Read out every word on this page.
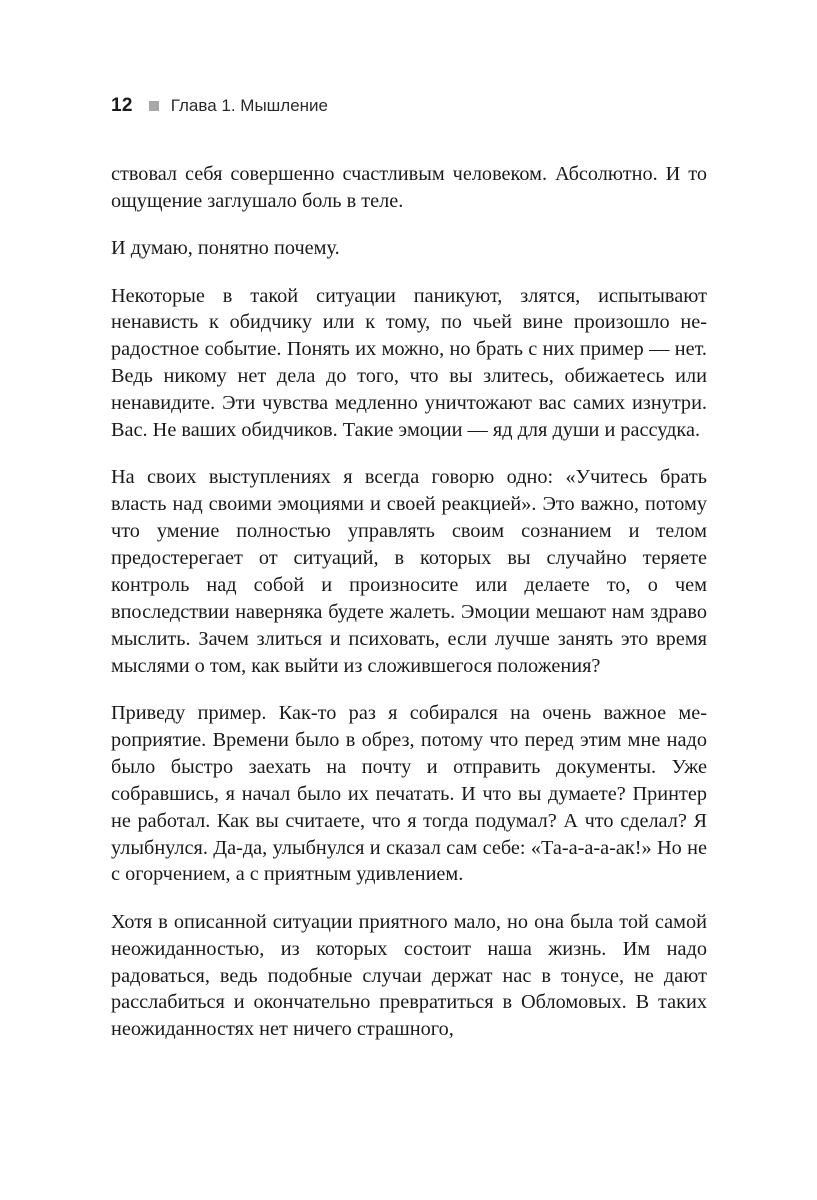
12 Глава 1. Мышление

ствовал себя совершенно счастливым человеком. Абсолютно. И то ощущение заглушало боль в теле.

И думаю, понятно почему.

Некоторые в такой ситуации паникуют, злятся, испытывают ненависть к обидчику или к тому, по чьей вине произошло нерадостное событие. Понять их можно, но брать с них пример — нет. Ведь никому нет дела до того, что вы злитесь, обижаетесь или ненавидите. Эти чувства медленно уничтожают вас самих изнутри. Вас. Не ваших обидчиков. Такие эмоции — яд для души и рассудка.

На своих выступлениях я всегда говорю одно: «Учитесь брать власть над своими эмоциями и своей реакцией». Это важно, потому что умение полностью управлять своим сознанием и телом предостерегает от ситуаций, в которых вы случайно теряете контроль над собой и произносите или делаете то, о чем впоследствии наверняка будете жалеть. Эмоции мешают нам здраво мыслить. Зачем злиться и психовать, если лучше занять это время мыслями о том, как выйти из сложившегося положения?

Приведу пример. Как-то раз я собирался на очень важное мероприятие. Времени было в обрез, потому что перед этим мне надо было быстро заехать на почту и отправить документы. Уже собравшись, я начал было их печатать. И что вы думаете? Принтер не работал. Как вы считаете, что я тогда подумал? А что сделал? Я улыбнулся. Да-да, улыбнулся и сказал сам себе: «Та-а-а-а-ак!» Но не с огорчением, а с приятным удивлением.

Хотя в описанной ситуации приятного мало, но она была той самой неожиданностью, из которых состоит наша жизнь. Им надо радоваться, ведь подобные случаи держат нас в тонусе, не дают расслабиться и окончательно превратиться в Обломовых. В таких неожиданностях нет ничего страшного,
